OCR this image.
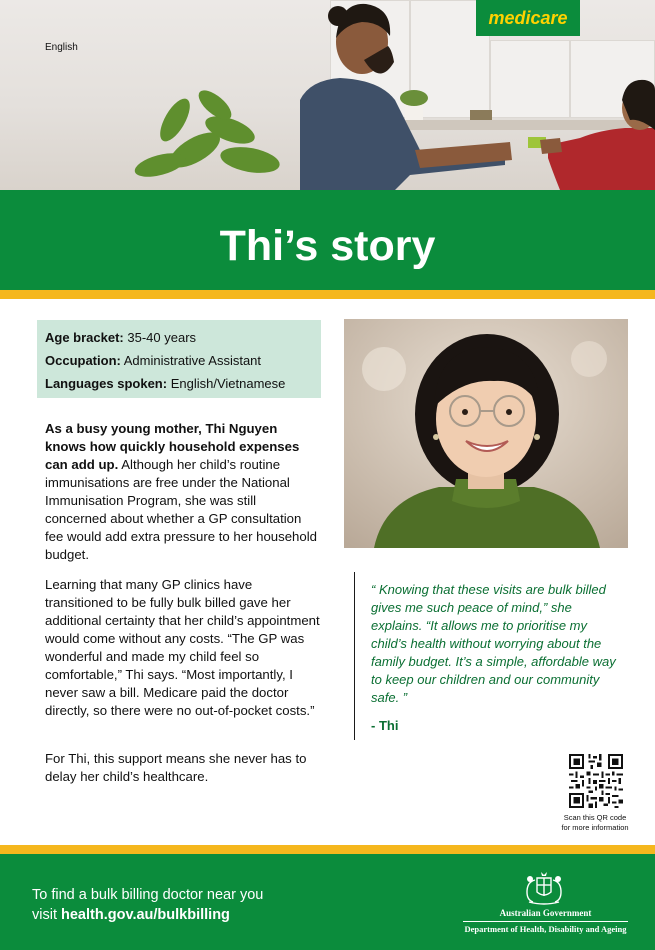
English
medicare
Thi’s story
Age bracket: 35-40 years
Occupation: Administrative Assistant
Languages spoken: English/Vietnamese
As a busy young mother, Thi Nguyen knows how quickly household expenses can add up. Although her child’s routine immunisations are free under the National Immunisation Program, she was still concerned about whether a GP consultation fee would add extra pressure to her household budget.
Learning that many GP clinics have transitioned to be fully bulk billed gave her additional certainty that her child’s appointment would come without any costs. “The GP was wonderful and made my child feel so comfortable,” Thi says. “Most importantly, I never saw a bill. Medicare paid the doctor directly, so there were no out-of-pocket costs.”
For Thi, this support means she never has to delay her child’s healthcare.
“ Knowing that these visits are bulk billed gives me such peace of mind,” she explains. “It allows me to prioritise my child’s health without worrying about the family budget. It’s a simple, affordable way to keep our children and our community safe. ”
- Thi
Scan this QR code
for more information
To find a bulk billing doctor near you
visit health.gov.au/bulkbilling	Australian Government
Department of Health, Disability and Ageing
